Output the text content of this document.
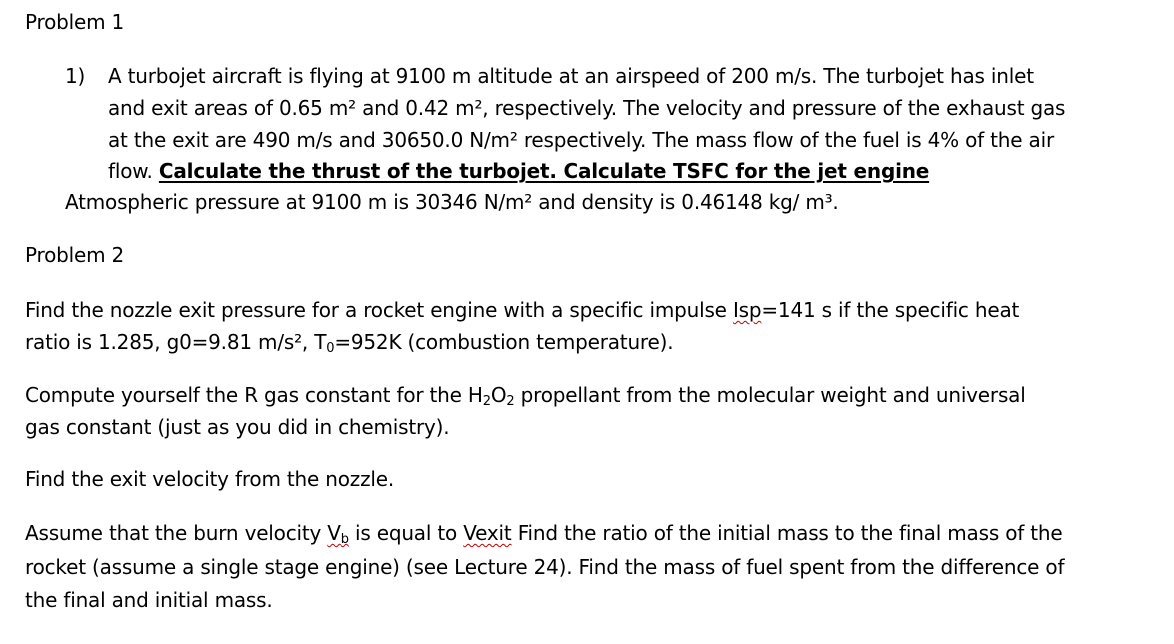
Problem 1
1) A turbojet aircraft is flying at 9100 m altitude at an airspeed of 200 m/s. The turbojet has inlet
and exit areas of 0.65 m² and 0.42 m², respectively. The velocity and pressure of the exhaust gas
at the exit are 490 m/s and 30650.0 N/m² respectively. The mass flow of the fuel is 4% of the air
flow. Calculate the thrust of the turbojet. Calculate TSFC for the jet engine
Atmospheric pressure at 9100 m is 30346 N/m² and density is 0.46148 kg/ m³.
Problem 2
Find the nozzle exit pressure for a rocket engine with a specific impulse Isp=141 s if the specific heat
ratio is 1.285, g0=9.81 m/s², $T_0=952K$ (combustion temperature).
Compute yourself the R gas constant for the $H_2O_2$ propellant from the molecular weight and universal
gas constant (just as you did in chemistry).
Find the exit velocity from the nozzle.
Assume that the burn velocity $V_b$ is equal to Vexit Find the ratio of the initial mass to the final mass of the
rocket (assume a single stage engine) (see Lecture 24). Find the mass of fuel spent from the difference of
the final and initial mass.
